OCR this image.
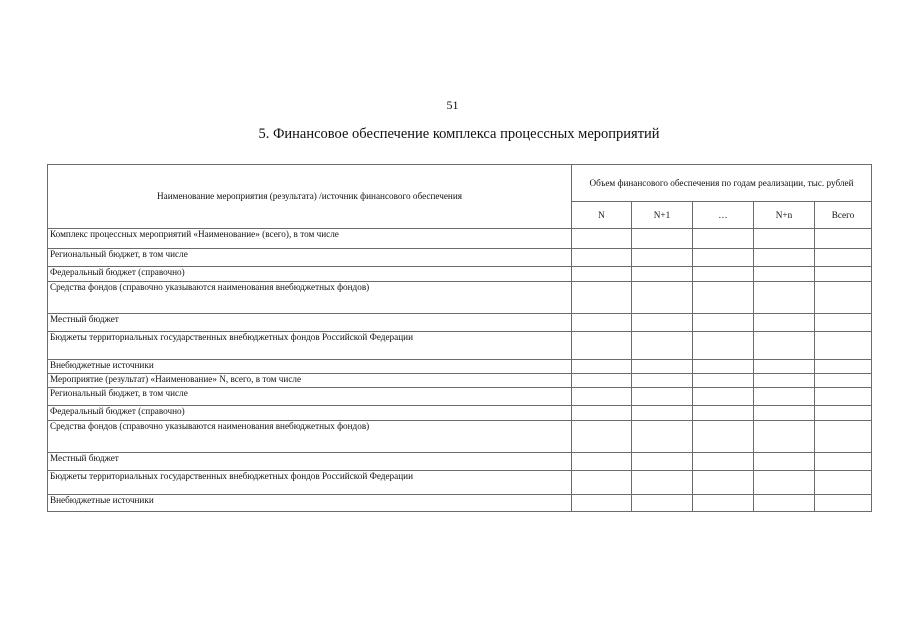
51
5. Финансовое обеспечение комплекса процессных мероприятий
Наименование мероприятия (результата) /источник финансового обеспечения	Объем финансового обеспечения по годам реализации, тыс. рублей				
	N	N+1	…	N+n	Всего
Комплекс процессных мероприятий «Наименование» (всего), в том числе					
Региональный бюджет, в том числе					
Федеральный бюджет (справочно)					
Средства фондов (справочно указываются наименования внебюджетных фондов)					
Местный бюджет					
Бюджеты территориальных государственных внебюджетных фондов Российской Федерации					
Внебюджетные источники					
Мероприятие (результат) «Наименование» N, всего, в том числе					
Региональный бюджет, в том числе					
Федеральный бюджет (справочно)					
Средства фондов (справочно указываются наименования внебюджетных фондов)					
Местный бюджет					
Бюджеты территориальных государственных внебюджетных фондов Российской Федерации					
Внебюджетные источники					
